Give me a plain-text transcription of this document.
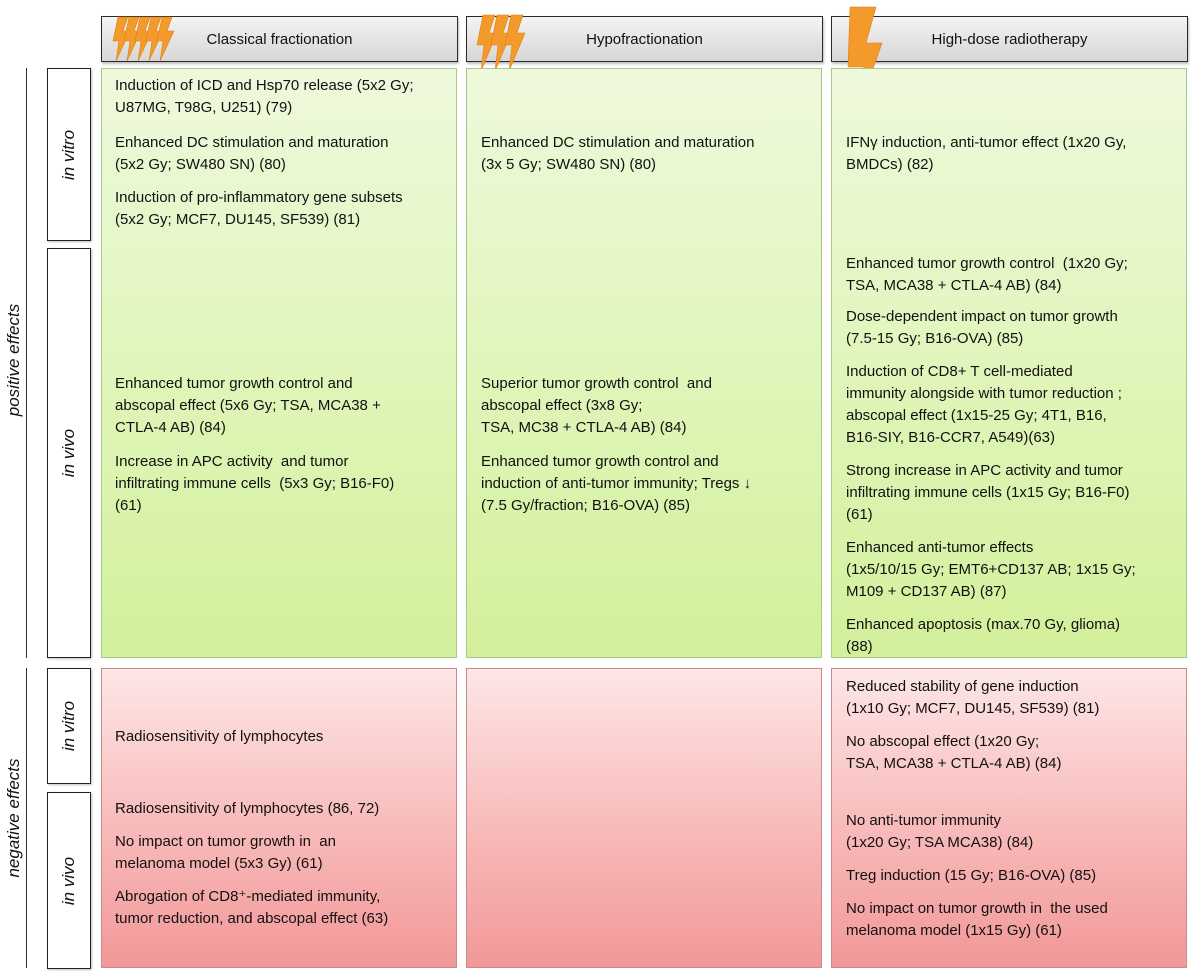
Classical fractionation	Hypofractionation	High-dose radiotherapy
positive effects
negative effects
in vitro
in vivo
in vitro
in vivo
Induction of ICD and Hsp70 release (5x2 Gy;
U87MG, T98G, U251) (79)
Enhanced DC stimulation and maturation
(5x2 Gy; SW480 SN) (80)
Induction of pro-inflammatory gene subsets
(5x2 Gy; MCF7, DU145, SF539) (81)
Enhanced DC stimulation and maturation
(3x 5 Gy; SW480 SN) (80)
IFNγ induction, anti-tumor effect (1x20 Gy,
BMDCs) (82)
Enhanced tumor growth control and
abscopal effect (5x6 Gy; TSA, MCA38 +
CTLA-4 AB) (84)
Increase in APC activity  and tumor
infiltrating immune cells  (5x3 Gy; B16-F0)
(61)
Superior tumor growth control  and
abscopal effect (3x8 Gy;
TSA, MC38 + CTLA-4 AB) (84)
Enhanced tumor growth control and
induction of anti-tumor immunity; Tregs ↓
(7.5 Gy/fraction; B16-OVA) (85)
Enhanced tumor growth control  (1x20 Gy;
TSA, MCA38 + CTLA-4 AB) (84)
Dose-dependent impact on tumor growth
(7.5-15 Gy; B16-OVA) (85)
Induction of CD8+ T cell-mediated
immunity alongside with tumor reduction ;
abscopal effect (1x15-25 Gy; 4T1, B16,
B16-SIY, B16-CCR7, A549)(63)
Strong increase in APC activity and tumor
infiltrating immune cells (1x15 Gy; B16-F0)
(61)
Enhanced anti-tumor effects
(1x5/10/15 Gy; EMT6+CD137 AB; 1x15 Gy;
M109 + CD137 AB) (87)
Enhanced apoptosis (max.70 Gy, glioma)
(88)
Radiosensitivity of lymphocytes
Reduced stability of gene induction
(1x10 Gy; MCF7, DU145, SF539) (81)
No abscopal effect (1x20 Gy;
TSA, MCA38 + CTLA-4 AB) (84)
Radiosensitivity of lymphocytes (86, 72)
No impact on tumor growth in  an
melanoma model (5x3 Gy) (61)
Abrogation of CD8⁺-mediated immunity,
tumor reduction, and abscopal effect (63)
No anti-tumor immunity
(1x20 Gy; TSA MCA38) (84)
Treg induction (15 Gy; B16-OVA) (85)
No impact on tumor growth in  the used
melanoma model (1x15 Gy) (61)
